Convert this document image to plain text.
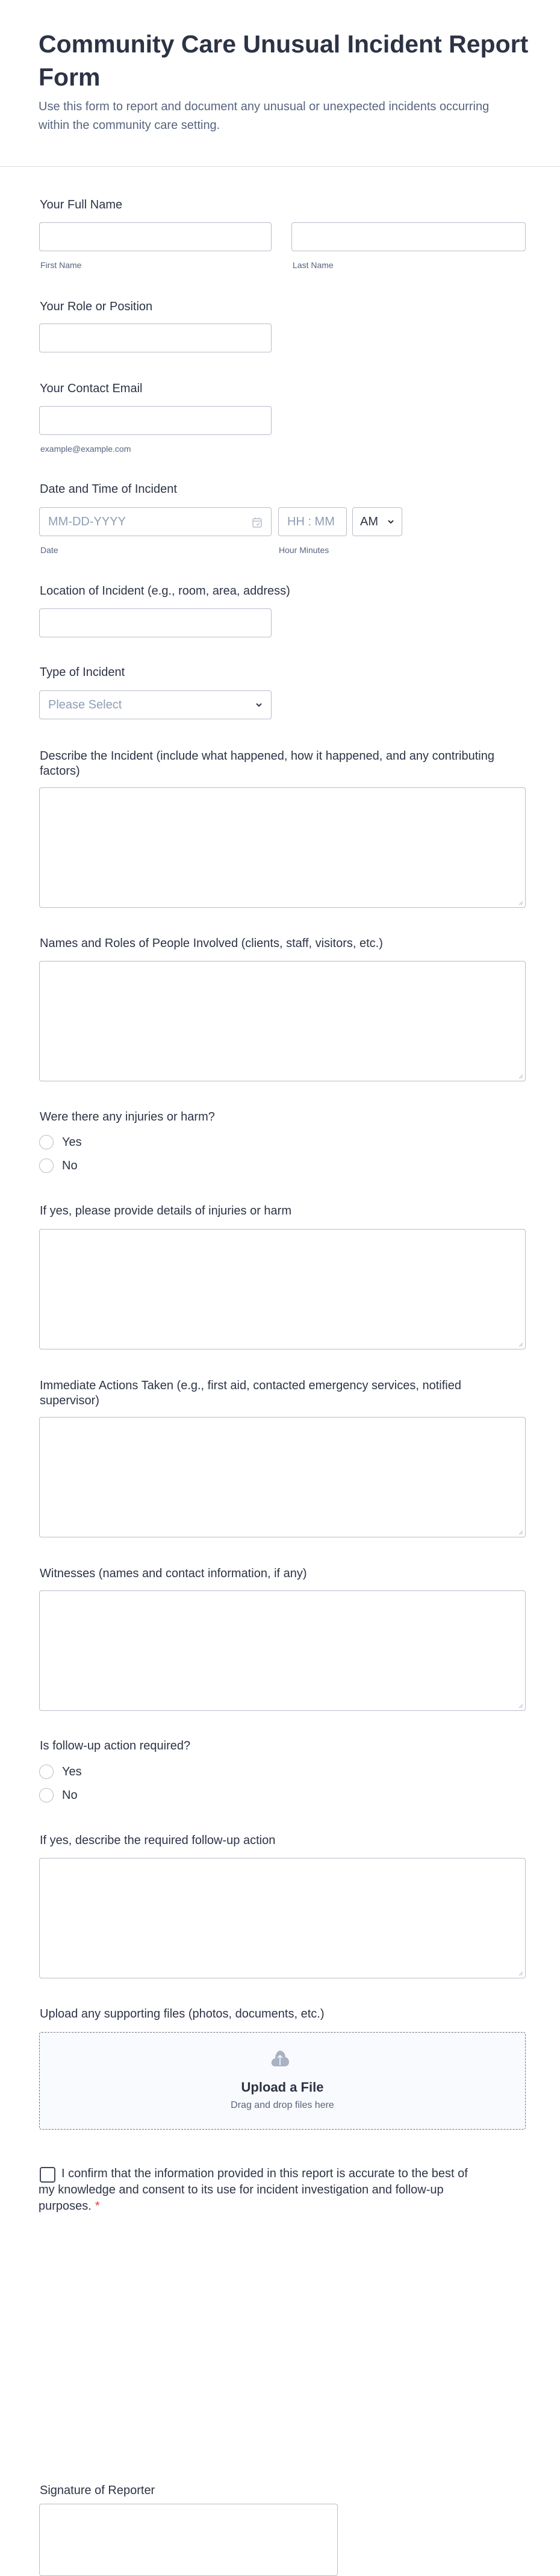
Community Care Unusual Incident Report Form

Use this form to report and document any unusual or unexpected incidents occurring within the community care setting.

Your Full Name
First Name	Last Name
Your Role or Position
Your Contact Email
example@example.com
Date and Time of Incident
MM-DD-YYYY	HH : MM AM
Date	Hour Minutes
Location of Incident (e.g., room, area, address)
Type of Incident
Please Select
Describe the Incident (include what happened, how it happened, and any contributing factors)
Names and Roles of People Involved (clients, staff, visitors, etc.)
Were there any injuries or harm?
Yes
No
If yes, please provide details of injuries or harm
Immediate Actions Taken (e.g., first aid, contacted emergency services, notified supervisor)
Witnesses (names and contact information, if any)
Is follow-up action required?
Yes
No
If yes, describe the required follow-up action
Upload any supporting files (photos, documents, etc.)
Upload a File
Drag and drop files here
I confirm that the information provided in this report is accurate to the best of my knowledge and consent to its use for incident investigation and follow-up purposes. *
Signature of Reporter
